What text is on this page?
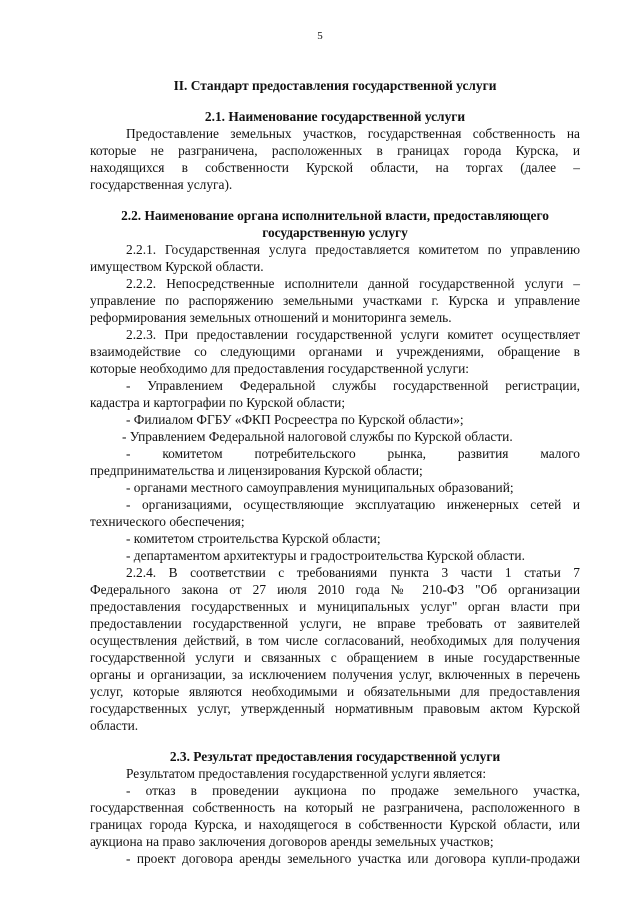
5
II. Стандарт предоставления государственной услуги
2.1. Наименование государственной услуги
Предоставление земельных участков, государственная собственность на
которые не разграничена, расположенных в границах города Курска, и
находящихся в собственности Курской области, на торгах (далее –
государственная услуга).
2.2. Наименование органа исполнительной власти, предоставляющего
государственную услугу
2.2.1. Государственная услуга предоставляется комитетом по управлению
имуществом Курской области.
2.2.2. Непосредственные исполнители данной государственной услуги –
управление по распоряжению земельными участками г. Курска и управление
реформирования земельных отношений и мониторинга земель.
2.2.3. При предоставлении государственной услуги комитет осуществляет
взаимодействие со следующими органами и учреждениями, обращение в
которые необходимо для предоставления государственной услуги:
- Управлением Федеральной службы государственной регистрации,
кадастра и картографии по Курской области;
- Филиалом ФГБУ «ФКП Росреестра по Курской области»;
- Управлением Федеральной налоговой службы по Курской области.
- комитетом потребительского рынка, развития малого
предпринимательства и лицензирования Курской области;
- органами местного самоуправления муниципальных образований;
- организациями, осуществляющие эксплуатацию инженерных сетей и
технического обеспечения;
- комитетом строительства Курской области;
- департаментом архитектуры и градостроительства Курской области.
2.2.4. В соответствии с требованиями пункта 3 части 1 статьи 7
Федерального закона от 27 июля 2010 года № 210-ФЗ "Об организации
предоставления государственных и муниципальных услуг" орган власти при
предоставлении государственной услуги, не вправе требовать от заявителей
осуществления действий, в том числе согласований, необходимых для получения
государственной услуги и связанных с обращением в иные государственные
органы и организации, за исключением получения услуг, включенных в перечень
услуг, которые являются необходимыми и обязательными для предоставления
государственных услуг, утвержденный нормативным правовым актом Курской
области.
2.3. Результат предоставления государственной услуги
Результатом предоставления государственной услуги является:
- отказ в проведении аукциона по продаже земельного участка,
государственная собственность на который не разграничена, расположенного в
границах города Курска, и находящегося в собственности Курской области, или
аукциона на право заключения договоров аренды земельных участков;
- проект договора аренды земельного участка или договора купли-продажи
